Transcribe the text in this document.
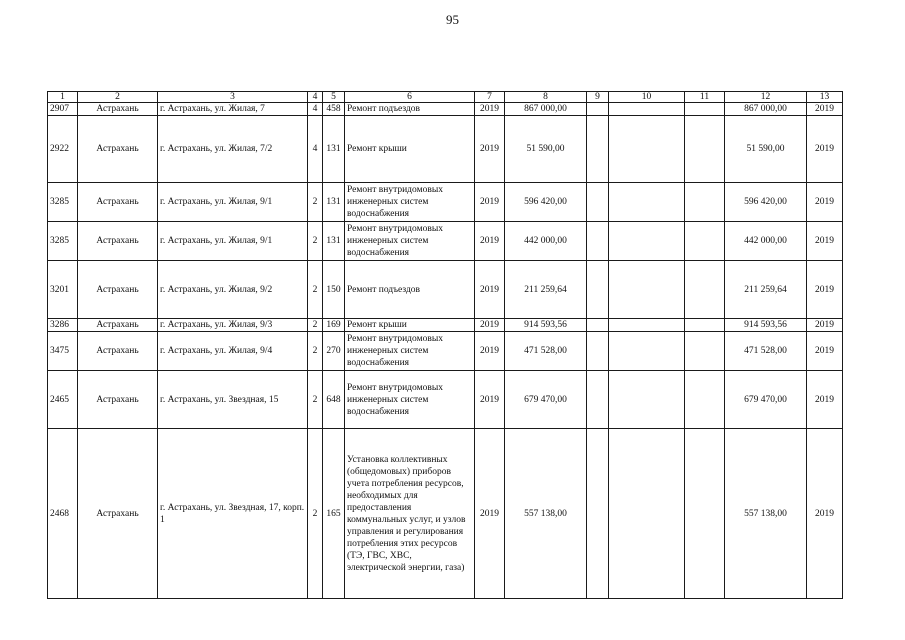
95
1	2	3	4	5	6	7	8	9	10	11	12	13
2907	Астрахань	г. Астрахань, ул. Жилая, 7	4	458	Ремонт подъездов	2019	867 000,00				867 000,00	2019
2922	Астрахань	г. Астрахань, ул. Жилая, 7/2	4	131	Ремонт крыши	2019	51 590,00				51 590,00	2019
3285	Астрахань	г. Астрахань, ул. Жилая, 9/1	2	131	Ремонт внутридомовых инженерных систем водоснабжения	2019	596 420,00				596 420,00	2019
3285	Астрахань	г. Астрахань, ул. Жилая, 9/1	2	131	Ремонт внутридомовых инженерных систем водоснабжения	2019	442 000,00				442 000,00	2019
3201	Астрахань	г. Астрахань, ул. Жилая, 9/2	2	150	Ремонт подъездов	2019	211 259,64				211 259,64	2019
3286	Астрахань	г. Астрахань, ул. Жилая, 9/3	2	169	Ремонт крыши	2019	914 593,56				914 593,56	2019
3475	Астрахань	г. Астрахань, ул. Жилая, 9/4	2	270	Ремонт внутридомовых инженерных систем водоснабжения	2019	471 528,00				471 528,00	2019
2465	Астрахань	г. Астрахань, ул. Звездная, 15	2	648	Ремонт внутридомовых инженерных систем водоснабжения	2019	679 470,00				679 470,00	2019
2468	Астрахань	г. Астрахань, ул. Звездная, 17, корп. 1	2	165	Установка коллективных (общедомовых) приборов учета потребления ресурсов, необходимых для предоставления коммунальных услуг, и узлов управления и регулирования потребления этих ресурсов (ТЭ, ГВС, ХВС, электрической энергии, газа)	2019	557 138,00				557 138,00	2019
